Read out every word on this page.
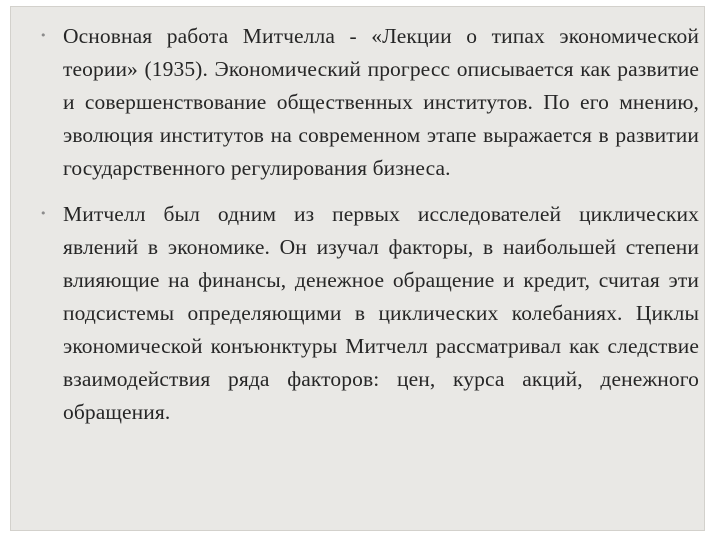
• Основная работа Митчелла - «Лекции о типах экономической теории» (1935). Экономический прогресс описывается как развитие и совершенствование общественных институтов. По его мнению, эволюция институтов на современном этапе выражается в развитии государственного регулирования бизнеса.

• Митчелл был одним из первых исследователей циклических явлений в экономике. Он изучал факторы, в наибольшей степени влияющие на финансы, денежное обращение и кредит, считая эти подсистемы определяющими в циклических колебаниях. Циклы экономической конъюнктуры Митчелл рассматривал как следствие взаимодействия ряда факторов: цен, курса акций, денежного обращения.
